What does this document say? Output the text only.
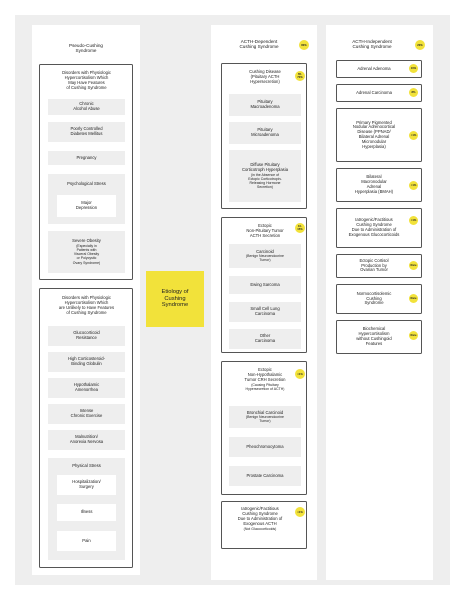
Etiology of
Cushing
Syndrome
Pseudo-Cushing
Syndrome
Disorders with Physiologic
Hypercortisolism Which
May Have Features
of Cushing Syndrome
Chronic
Alcohol Abuse
Poorly Controlled
Diabetes Mellitus
Pregnancy
Psychological Stress
Major
Depression
Severe Obesity
(Especially in
Patients with
Visceral Obesity
or Polycystic
Ovary Syndrome)
Disorders with Physiologic
Hypercortisolism Which
are Unlikely to Have Features
of Cushing Syndrome
Glucocorticoid
Resistance
High Corticosteroid-
Binding Globulin
Hypothalamic
Amenorrhea
Intense
Chronic Exercise
Malnutrition/
Anorexia Nervosa
Physical Stress
Hospitalization/
Surgery
Illness
Pain
ACTH-Dependent
Cushing Syndrome	80%
Cushing Disease
(Pituitary ACTH
Hypersecretion)
65-
70%
Pituitary
Macroadenoma
Pituitary
Microadenoma
Diffuse Pituitary
Corticotroph Hyperplasia
(in the Absence of
Ectopic Corticotropin-
Releasing Hormone
Secretion)
Ectopic
Non-Pituitary Tumor
ACTH Secretion
10-
15%
Carcinoid
(Benign Neuroendocrine
Tumor)
Ewing Sarcoma
Small Cell Lung
Carcinoma
Other
Carcinoma
Ectopic
Non-Hypothalamic
Tumor CRH Secretion
(Causing Pituitary
Hypersecretion of ACTH)
<1%
Bronchial Carcinoid
(Benign Neuroendocrine
Tumor)
Pheochromocytoma
Prostate Carcinoma
Iatrogenic/Factitious
Cushing Syndrome
Due to Administration of
Exogenous ACTH
(Not Glucocorticoids)
<1%
ACTH-Independent
Cushing Syndrome	20%
Adrenal Adenoma	10%
Adrenal Carcinoma	8%
Primary Pigmented
Nodular Adrenocortical
Disease (PPNAD/
Bilateral Adrenal
Micronodular
Hyperplasia)
<1%
Bilateral
Macronodular
Adrenal
Hyperplasia (BMAH)
<1%
Iatrogenic/Factitious
Cushing Syndrome
Due to Administration of
Exogenous Glucocorticoids
<1%
Ectopic Cortisol
Production by
Ovarian Tumor
Rare
Normocortisolemic
Cushing
Syndrome
Rare
Biochemical
Hypercortisolism
without Cushingoid
Features
Rare
